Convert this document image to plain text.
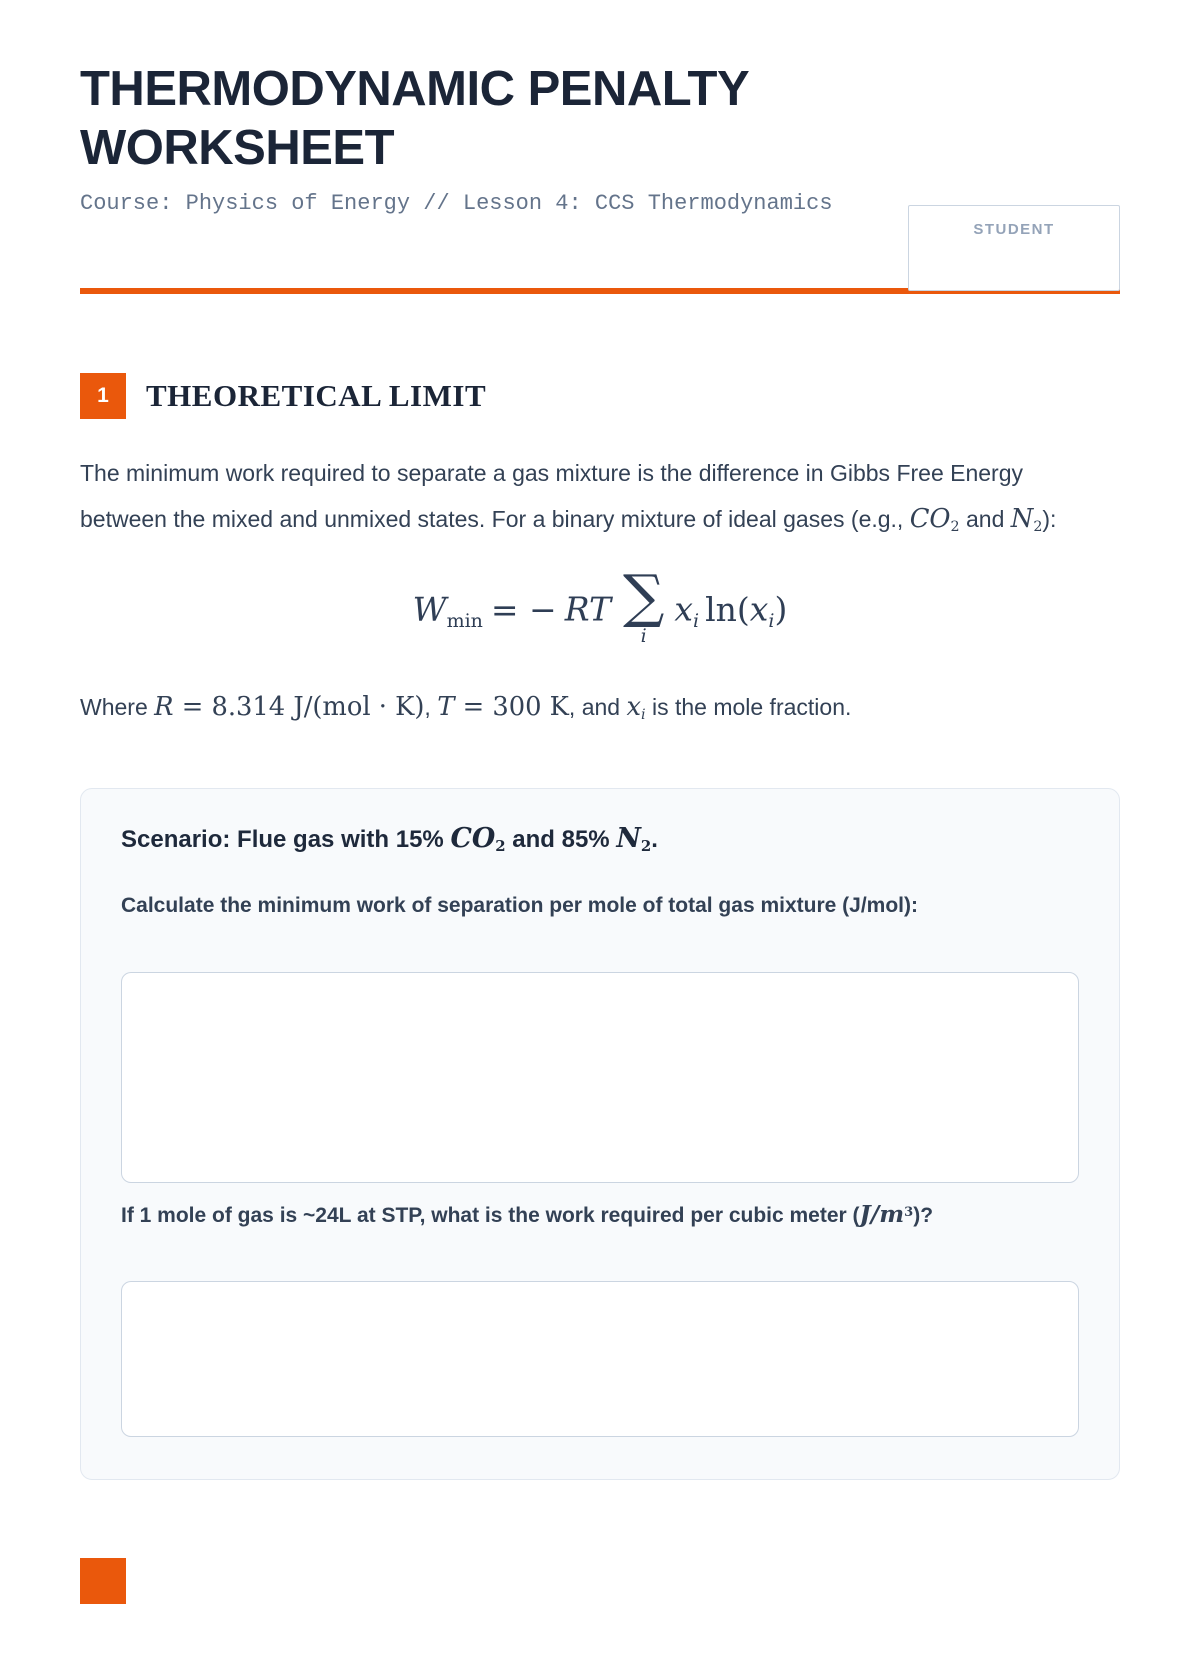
THERMODYNAMIC PENALTY
WORKSHEET
Course: Physics of Energy // Lesson 4: CCS Thermodynamics
STUDENT
1	THEORETICAL LIMIT

The minimum work required to separate a gas mixture is the difference in Gibbs Free Energy between the mixed and unmixed states. For a binary mixture of ideal gases (e.g., $CO_2$ and $N_2$):

$W_{min}$ = − RT ∑
i
$x_i$ $\ln(x_i)$

Where R = 8.314 J/(mol · K), T = 300 K, and $x_i$ is the mole fraction.

Scenario: Flue gas with 15% $CO_2$ and 85% $N_2$.

Calculate the minimum work of separation per mole of total gas mixture (J/mol):

If 1 mole of gas is ~24L at STP, what is the work required per cubic meter $(J/m^3)$?
